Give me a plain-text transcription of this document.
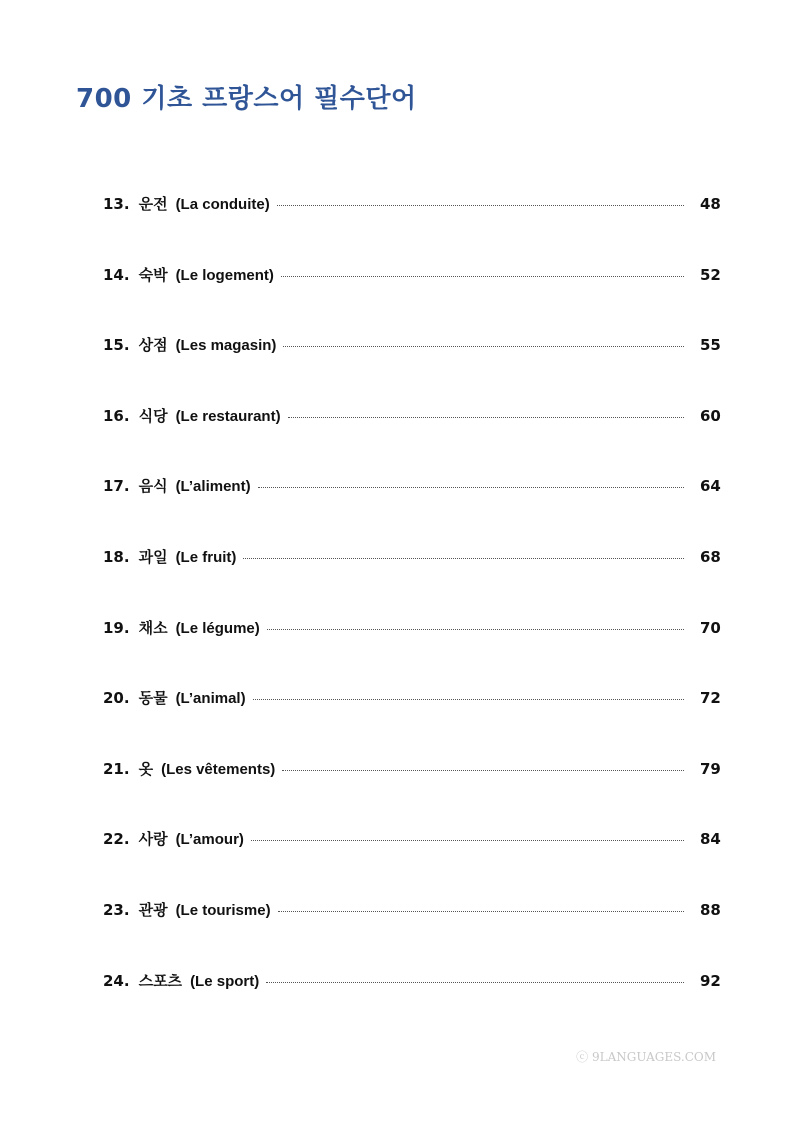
700 기초 프랑스어 필수단어
13. 운전 (La conduite)	48
14. 숙박 (Le logement)	52
15. 상점 (Les magasin)	55
16. 식당 (Le restaurant)	60
17. 음식 (L’aliment)	64
18. 과일 (Le fruit)	68
19. 채소 (Le légume)	70
20. 동물 (L’animal)	72
21. 옷 (Les vêtements)	79
22. 사랑 (L’amour)	84
23. 관광 (Le tourisme)	88
24. 스포츠 (Le sport)	92
ⓒ 9LANGUAGES.COM
